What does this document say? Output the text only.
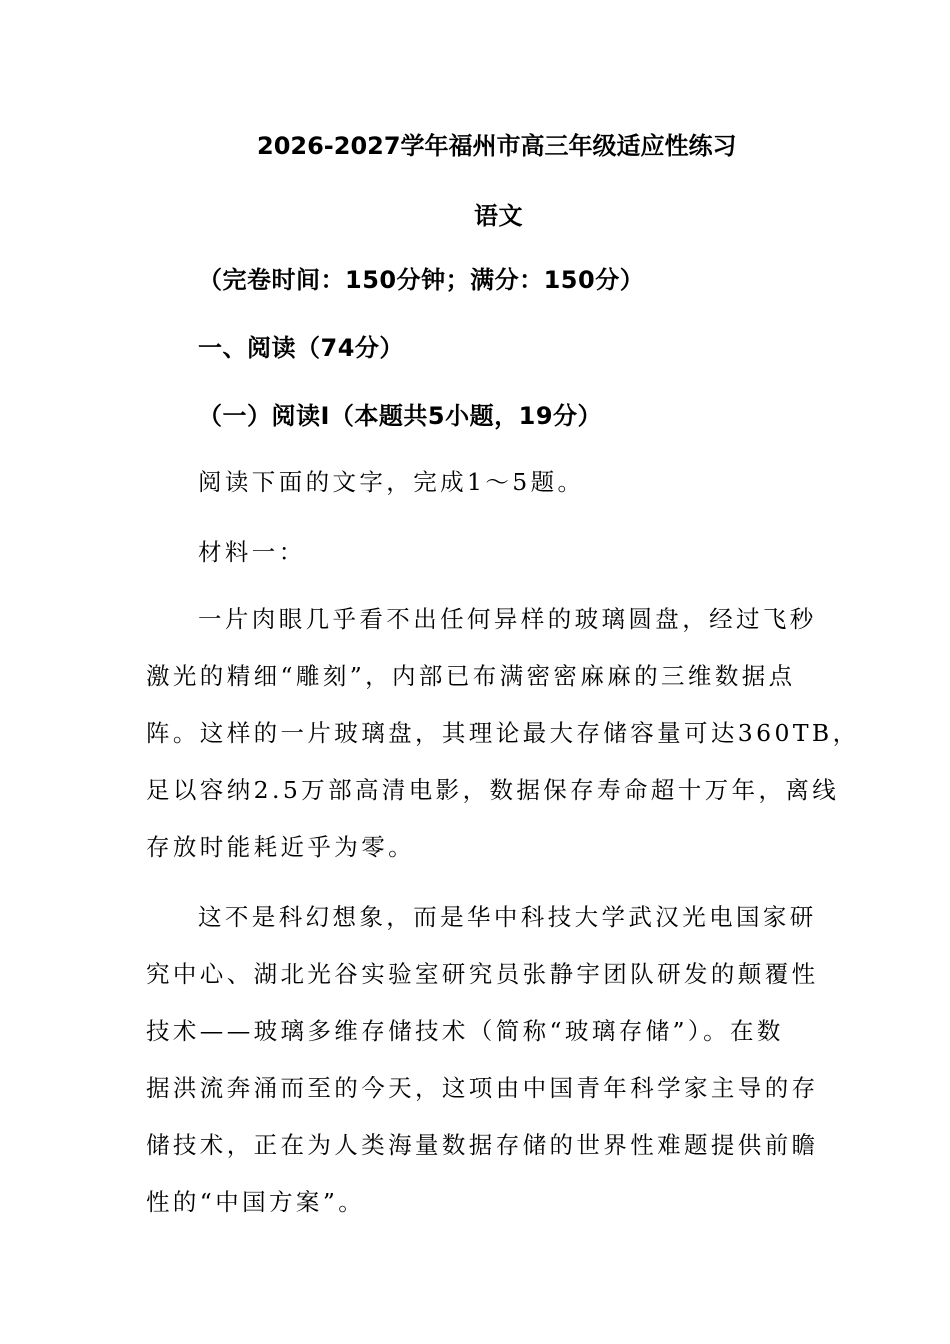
2026-2027学年福州市高三年级适应性练习
语文
（完卷时间：150分钟；满分：150分）
一、阅读（74分）
（一）阅读Ⅰ（本题共5小题，19分）
阅读下面的文字，完成1～5题。
材料一：
一片肉眼几乎看不出任何异样的玻璃圆盘，经过飞秒
激光的精细“雕刻”，内部已布满密密麻麻的三维数据点
阵。这样的一片玻璃盘，其理论最大存储容量可达360TB，
足以容纳2.5万部高清电影，数据保存寿命超十万年，离线
存放时能耗近乎为零。
这不是科幻想象，而是华中科技大学武汉光电国家研
究中心、湖北光谷实验室研究员张静宇团队研发的颠覆性
技术——玻璃多维存储技术（简称“玻璃存储”）。在数
据洪流奔涌而至的今天，这项由中国青年科学家主导的存
储技术，正在为人类海量数据存储的世界性难题提供前瞻
性的“中国方案”。
